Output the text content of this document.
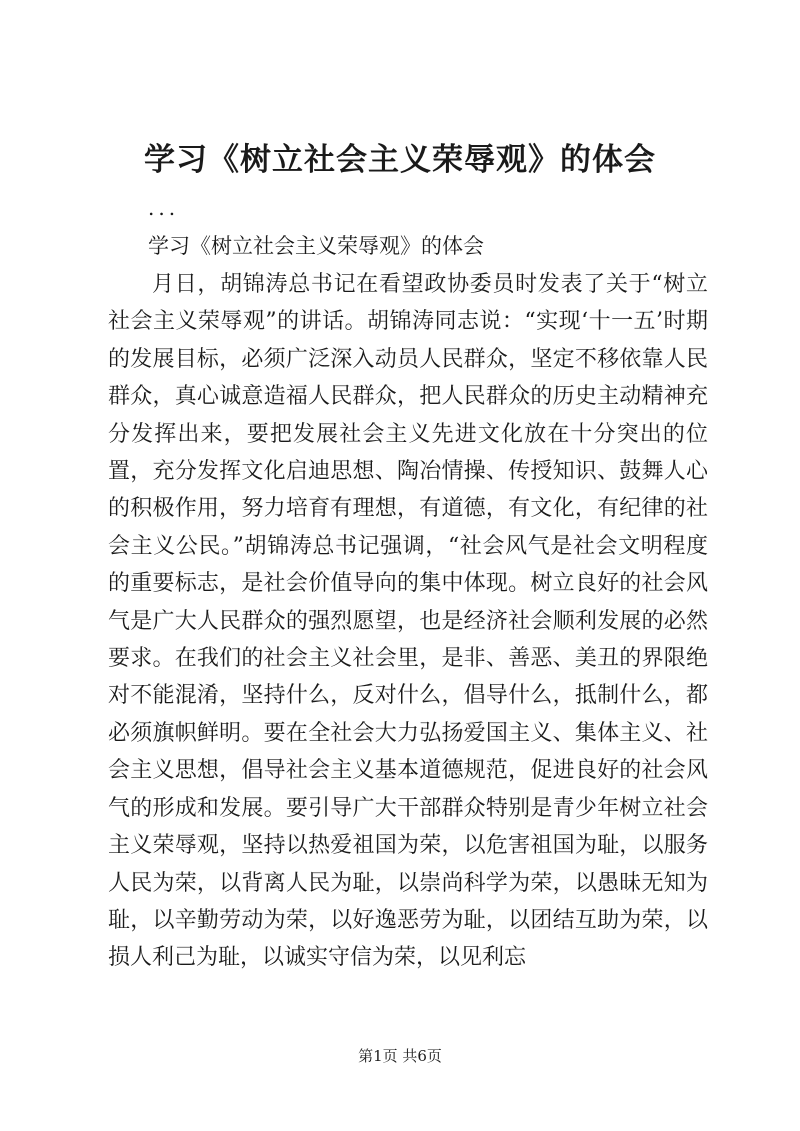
学习《树立社会主义荣辱观》的体会
...
学习《树立社会主义荣辱观》的体会

月日，胡锦涛总书记在看望政协委员时发表了关于“树立社会主义荣辱观”的讲话。胡锦涛同志说：“实现‘十一五’时期的发展目标，必须广泛深入动员人民群众，坚定不移依靠人民群众，真心诚意造福人民群众，把人民群众的历史主动精神充分发挥出来，要把发展社会主义先进文化放在十分突出的位置，充分发挥文化启迪思想、陶冶情操、传授知识、鼓舞人心的积极作用，努力培育有理想，有道德，有文化，有纪律的社会主义公民。”胡锦涛总书记强调，“社会风气是社会文明程度的重要标志，是社会价值导向的集中体现。树立良好的社会风气是广大人民群众的强烈愿望，也是经济社会顺利发展的必然要求。在我们的社会主义社会里，是非、善恶、美丑的界限绝对不能混淆，坚持什么，反对什么，倡导什么，抵制什么，都必须旗帜鲜明。要在全社会大力弘扬爱国主义、集体主义、社会主义思想，倡导社会主义基本道德规范，促进良好的社会风气的形成和发展。要引导广大干部群众特别是青少年树立社会主义荣辱观，坚持以热爱祖国为荣，以危害祖国为耻，以服务人民为荣，以背离人民为耻，以崇尚科学为荣，以愚昧无知为耻，以辛勤劳动为荣，以好逸恶劳为耻，以团结互助为荣，以损人利己为耻，以诚实守信为荣，以见利忘

第1页 共6页
